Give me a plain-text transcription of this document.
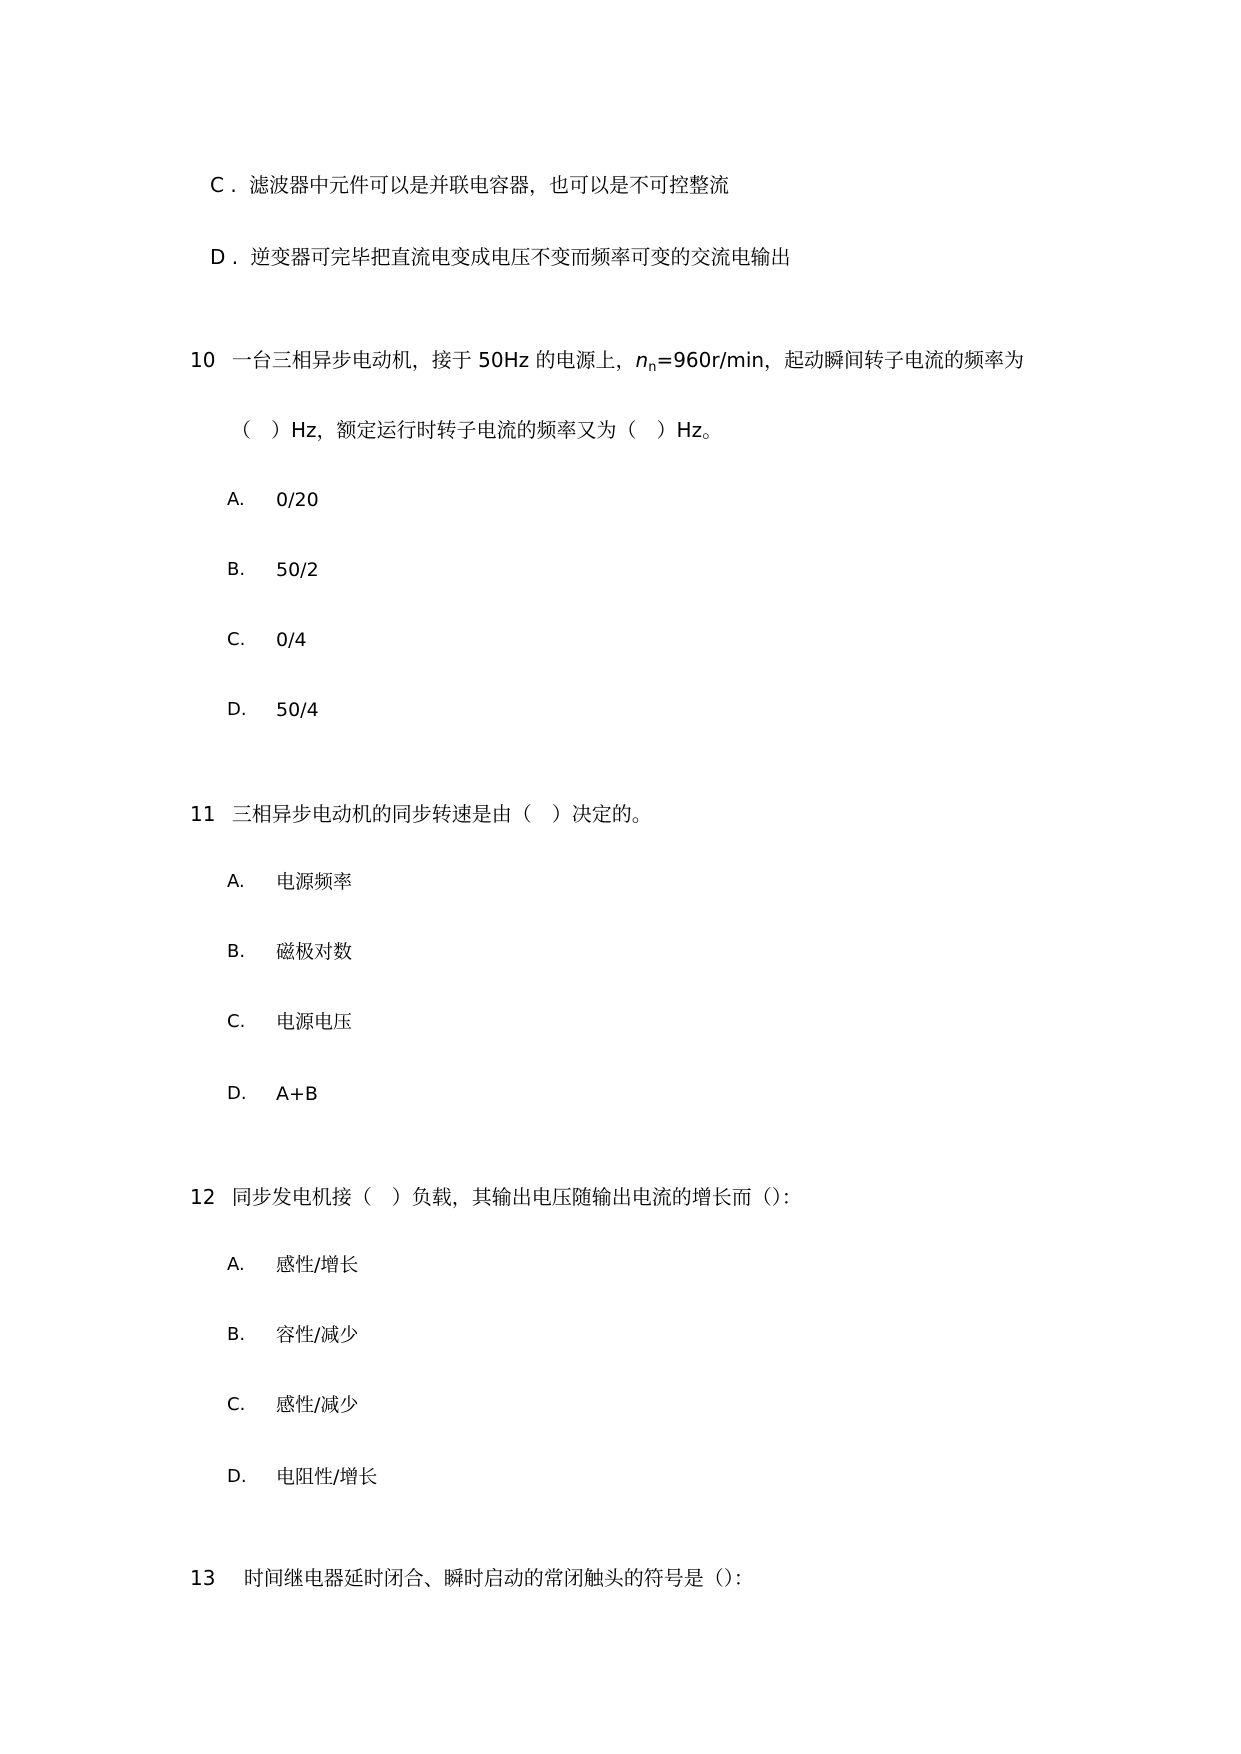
C . 滤波器中元件可以是并联电容器，也可以是不可控整流
D . 逆变器可完毕把直流电变成电压不变而频率可变的交流电输出
10 一台三相异步电动机，接于 50Hz 的电源上，$n_n=960r/\min$，起动瞬间转子电流的频率为
（　）Hz，额定运行时转子电流的频率又为（　）Hz。
A. 0/20
B. 50/2
C. 0/4
D. 50/4
11 三相异步电动机的同步转速是由（　）决定的。
A. 电源频率
B. 磁极对数
C. 电源电压
D. A+B
12 同步发电机接（　）负载，其输出电压随输出电流的增长而（）：
A. 感性/增长
B. 容性/减少
C. 感性/减少
D. 电阻性/增长
13 时间继电器延时闭合、瞬时启动的常闭触头的符号是（）：
